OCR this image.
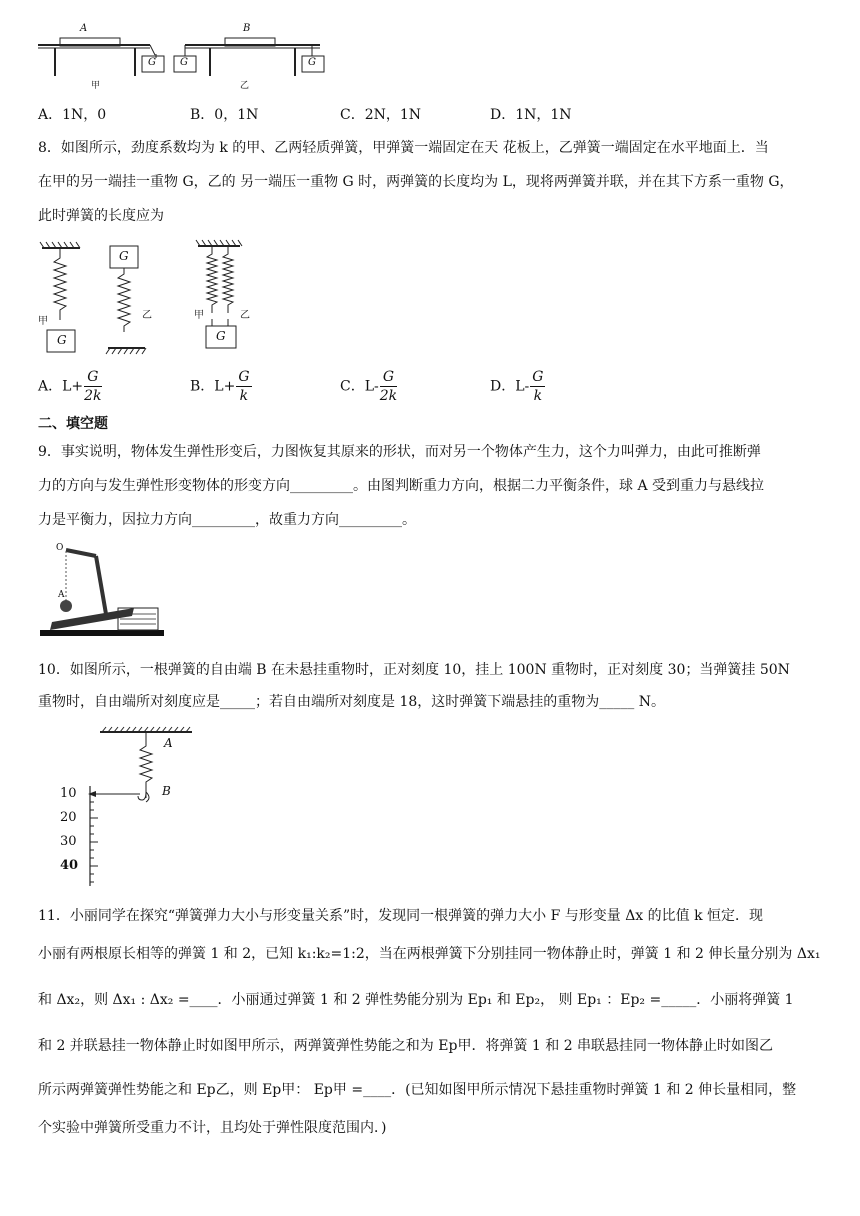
A	B
甲	乙
G G	G
A．1N，0	B．0，1N	C．2N，1N	D．1N，1N
8．如图所示，劲度系数均为 k 的甲、乙两轻质弹簧，甲弹簧一端固定在天 花板上，乙弹簧一端固定在水平地面上．当
在甲的另一端挂一重物 G，乙的 另一端压一重物 G 时，两弹簧的长度均为 L，现将两弹簧并联，并在其下方系一重物 G，
此时弹簧的长度应为
甲
乙	甲	乙
G
G
G
A．$L+ \frac{G}{2k}$	B．$L+ \frac{G}{k}$	C．$L- \frac{G}{2k}$	D．$L- \frac{G}{k}$
二、填空题
9．事实说明，物体发生弹性形变后，力图恢复其原来的形状，而对另一个物体产生力，这个力叫弹力，由此可推断弹
力的方向与发生弹性形变物体的形变方向_________。由图判断重力方向，根据二力平衡条件，球 A 受到重力与悬线拉
力是平衡力，因拉力方向_________，故重力方向_________。
O
A
10．如图所示，一根弹簧的自由端 B 在未悬挂重物时，正对刻度 10，挂上 100N 重物时，正对刻度 30；当弹簧挂 50N
重物时，自由端所对刻度应是_____；若自由端所对刻度是 18，这时弹簧下端悬挂的重物为_____ N。
A
B
10
20
30
40
11．小丽同学在探究“弹簧弹力大小与形变量关系”时，发现同一根弹簧的弹力大小 F 与形变量 Δx 的比值 k 恒定．现
小丽有两根原长相等的弹簧 1 和 2，已知 k₁:k₂=1:2，当在两根弹簧下分别挂同一物体静止时，弹簧 1 和 2 伸长量分别为 Δx₁
和 Δx₂，则 Δx₁ : Δx₂ =____．小丽通过弹簧 1 和 2 弹性势能分别为 Ep₁ 和 Ep₂， 则 Ep₁ ：Ep₂ =_____．小丽将弹簧 1
和 2 并联悬挂一物体静止时如图甲所示，两弹簧弹性势能之和为 Ep甲．将弹簧 1 和 2 串联悬挂同一物体静止时如图乙
所示两弹簧弹性势能之和 Ep乙，则 Ep甲： Ep甲 =____．(已知如图甲所示情况下悬挂重物时弹簧 1 和 2 伸长量相同，整
个实验中弹簧所受重力不计，且均处于弹性限度范围内．)
